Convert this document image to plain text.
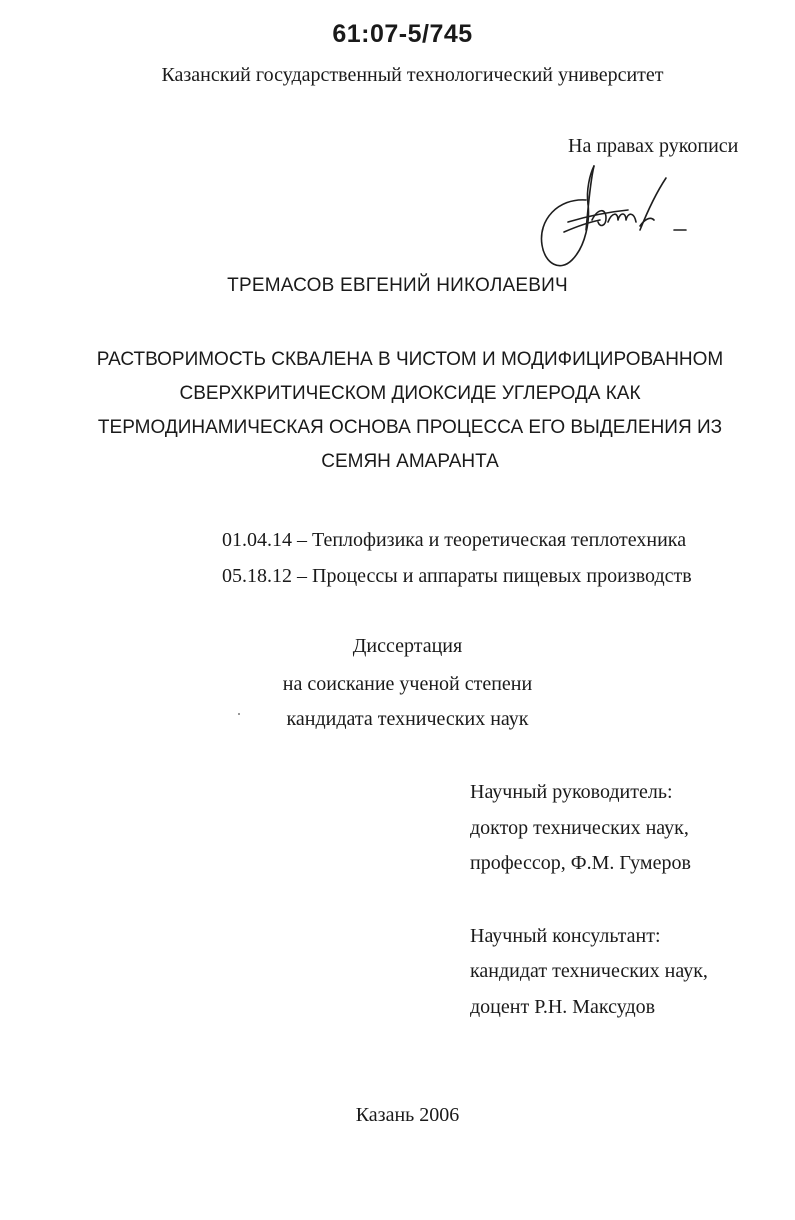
61:07-5/745
Казанский государственный технологический университет
На правах рукописи
ТРЕМАСОВ ЕВГЕНИЙ НИКОЛАЕВИЧ
РАСТВОРИМОСТЬ СКВАЛЕНА В ЧИСТОМ И МОДИФИЦИРОВАННОМ
СВЕРХКРИТИЧЕСКОМ ДИОКСИДЕ УГЛЕРОДА КАК
ТЕРМОДИНАМИЧЕСКАЯ ОСНОВА ПРОЦЕССА ЕГО ВЫДЕЛЕНИЯ ИЗ
СЕМЯН АМАРАНТА
01.04.14 – Теплофизика и теоретическая теплотехника
05.18.12 – Процессы и аппараты пищевых производств
Диссертация
на соискание ученой степени
кандидата технических наук
Научный руководитель:
доктор технических наук,
профессор, Ф.М. Гумеров
Научный консультант:
кандидат технических наук,
доцент Р.Н. Максудов
Казань 2006
